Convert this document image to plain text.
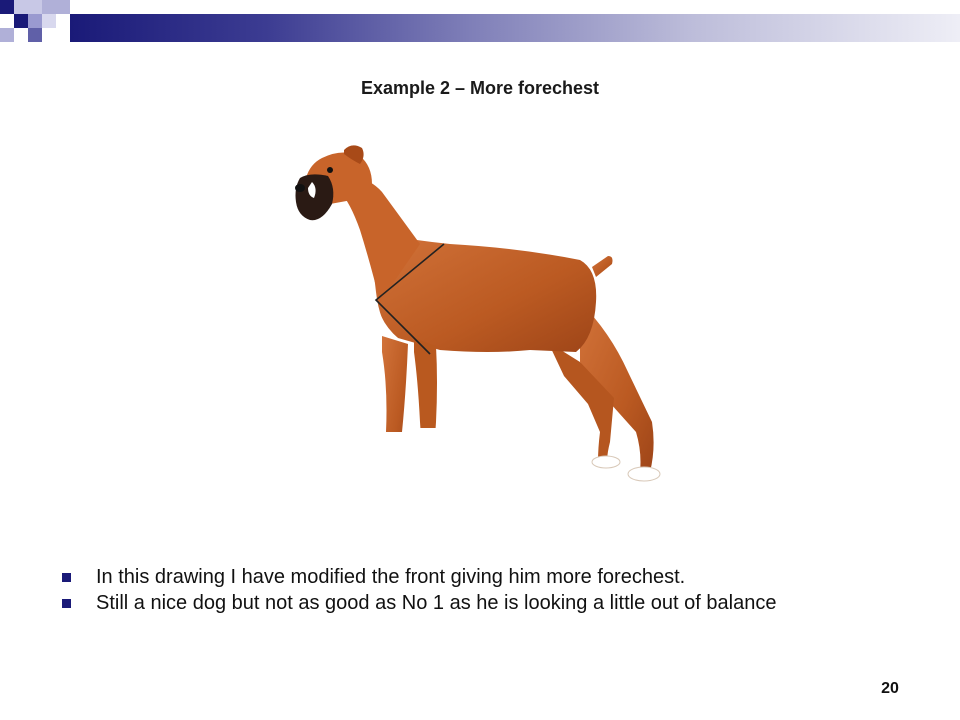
Example 2 – More forechest
In this drawing I have modified the front giving him more forechest.
Still a nice dog but not as good as No 1 as he is looking a little out of balance
20
